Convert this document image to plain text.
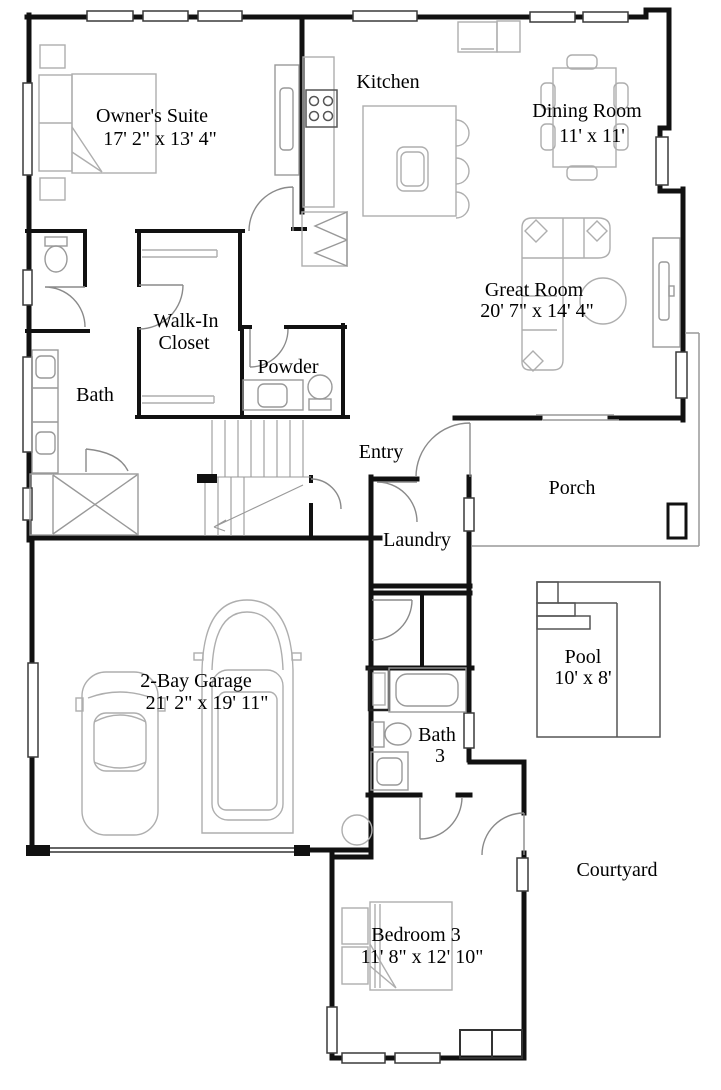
Owner's Suite
17' 2" x 13' 4"
Kitchen
Dining Room
11' x 11'
Great Room
20' 7" x 14' 4"
Walk-In
Closet
Powder
Bath
Entry
Laundry
Porch
2-Bay Garage
21' 2" x 19' 11"
Pool
10' x 8'
Bath
3
Courtyard
Bedroom 3
11' 8" x 12' 10"
